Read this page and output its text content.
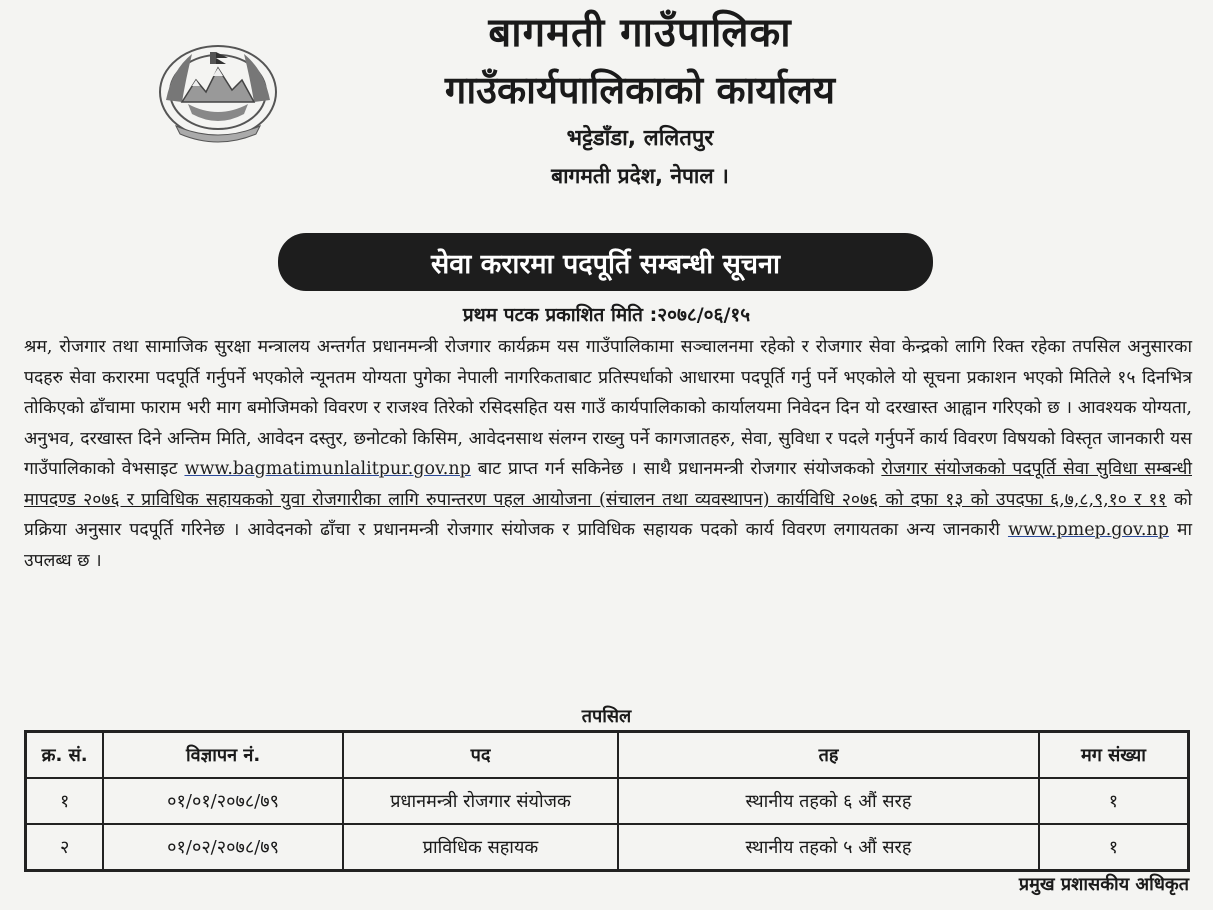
बागमती गाउँपालिका
गाउँकार्यपालिकाको कार्यालय
भट्टेडाँडा, ललितपुर
बागमती प्रदेश, नेपाल ।
सेवा करारमा पदपूर्ति सम्बन्धी सूचना
प्रथम पटक प्रकाशित मिति :२०७८/०६/१५
श्रम, रोजगार तथा सामाजिक सुरक्षा मन्त्रालय अन्तर्गत प्रधानमन्त्री रोजगार कार्यक्रम यस गाउँपालिकामा सञ्चालनमा रहेको र रोजगार सेवा केन्द्रको लागि रिक्त रहेका तपसिल अनुसारका पदहरु सेवा करारमा पदपूर्ति गर्नुपर्ने भएकोले न्यूनतम योग्यता पुगेका नेपाली नागरिकताबाट प्रतिस्पर्धाको आधारमा पदपूर्ति गर्नु पर्ने भएकोले यो सूचना प्रकाशन भएको मितिले १५ दिनभित्र तोकिएको ढाँचामा फाराम भरी माग बमोजिमको विवरण र राजश्व तिरेको रसिदसहित यस गाउँ कार्यपालिकाको कार्यालयमा निवेदन दिन यो दरखास्त आह्वान गरिएको छ । आवश्यक योग्यता, अनुभव, दरखास्त दिने अन्तिम मिति, आवेदन दस्तुर, छनोटको किसिम, आवेदनसाथ संलग्न राख्नु पर्ने कागजातहरु, सेवा, सुविधा र पदले गर्नुपर्ने कार्य विवरण विषयको विस्तृत जानकारी यस गाउँपालिकाको वेभसाइट www.bagmatimunlalitpur.gov.np बाट प्राप्त गर्न सकिनेछ । साथै प्रधानमन्त्री रोजगार संयोजकको रोजगार संयोजकको पदपूर्ति सेवा सुविधा सम्बन्धी मापदण्ड २०७६ र प्राविधिक सहायकको युवा रोजगारीका लागि रुपान्तरण पहल आयोजना (संचालन तथा व्यवस्थापन) कार्यविधि २०७६ को दफा १३ को उपदफा ६,७,८,९,१० र ११ को प्रक्रिया अनुसार पदपूर्ति गरिनेछ । आवेदनको ढाँचा र प्रधानमन्त्री रोजगार संयोजक र प्राविधिक सहायक पदको कार्य विवरण लगायतका अन्य जानकारी www.pmep.gov.np मा उपलब्ध छ ।
तपसिल
क्र. सं.	विज्ञापन नं.	पद	तह	मग संख्या
१	०१/०१/२०७८/७९	प्रधानमन्त्री रोजगार संयोजक	स्थानीय तहको ६ औं सरह	१
२	०१/०२/२०७८/७९	प्राविधिक सहायक	स्थानीय तहको ५ औं सरह	१
प्रमुख प्रशासकीय अधिकृत
